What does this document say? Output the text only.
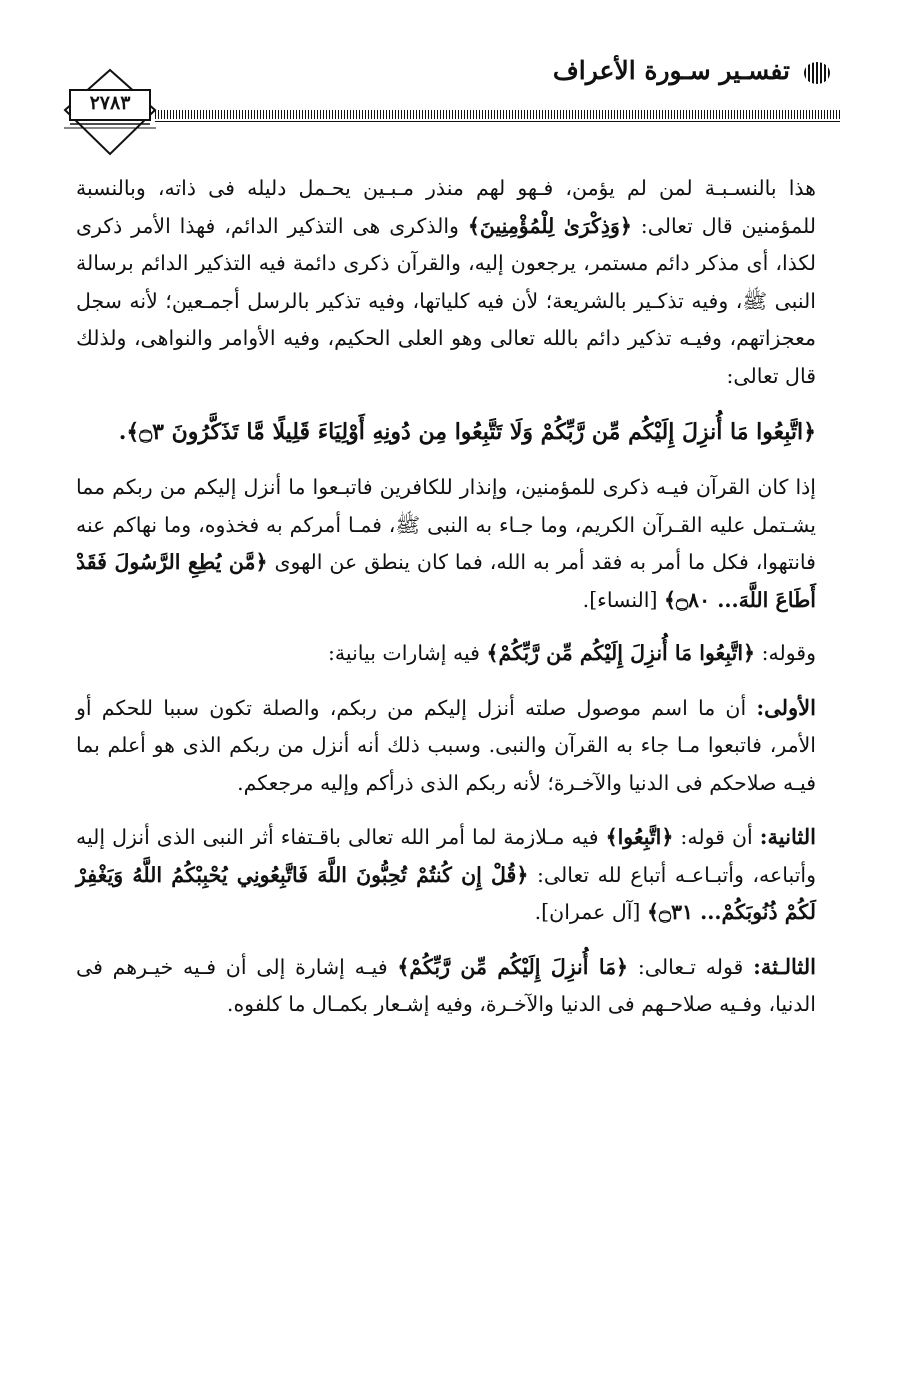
تفسـير سـورة الأعراف
٢٧٨٣

هذا بالنسـبـة لمن لم يؤمن، فـهو لهم منذر مـبـين يحـمل دليله فى ذاته، وبالنسبة للمؤمنين قال تعالى: ﴿وَذِكْرَىٰ لِلْمُؤْمِنِينَ﴾ والذكرى هى التذكير الدائم، فهذا الأمر ذكرى لكذا، أى مذكر دائم مستمر، يرجعون إليه، والقرآن ذكرى دائمة فيه التذكير الدائم برسالة النبى ﷺ، وفيه تذكـير بالشريعة؛ لأن فيه كلياتها، وفيه تذكير بالرسل أجمـعين؛ لأنه سجل معجزاتهم، وفيـه تذكير دائم بالله تعالى وهو العلى الحكيم، وفيه الأوامر والنواهى، ولذلك قال تعالى:

﴿اتَّبِعُوا مَا أُنزِلَ إِلَيْكُم مِّن رَّبِّكُمْ وَلَا تَتَّبِعُوا مِن دُونِهِ أَوْلِيَاءَ قَلِيلًا مَّا تَذَكَّرُونَ ۝٣﴾.

إذا كان القرآن فيـه ذكرى للمؤمنين، وإنذار للكافرين فاتبـعوا ما أنزل إليكم من ربكم مما يشـتمل عليه القـرآن الكريم، وما جـاء به النبى ﷺ، فمـا أمركم به فخذوه، وما نهاكم عنه فانتهوا، فكل ما أمر به فقد أمر به الله، فما كان ينطق عن الهوى ﴿مَّن يُطِعِ الرَّسُولَ فَقَدْ أَطَاعَ اللَّهَ... ۝٨٠﴾ [النساء].

وقوله: ﴿اتَّبِعُوا مَا أُنزِلَ إِلَيْكُم مِّن رَّبِّكُمْ﴾ فيه إشارات بيانية:

الأولى: أن ما اسم موصول صلته أنزل إليكم من ربكم، والصلة تكون سببا للحكم أو الأمر، فاتبعوا مـا جاء به القرآن والنبى. وسبب ذلك أنه أنزل من ربكم الذى هو أعلم بما فيـه صلاحكم فى الدنيا والآخـرة؛ لأنه ربكم الذى ذرأكم وإليه مرجعكم.

الثانية: أن قوله: ﴿اتَّبِعُوا﴾ فيه مـلازمة لما أمر الله تعالى باقـتفاء أثر النبى الذى أنزل إليه وأتباعه، وأتبـاعـه أتباع لله تعالى: ﴿قُلْ إِن كُنتُمْ تُحِبُّونَ اللَّهَ فَاتَّبِعُونِي يُحْبِبْكُمُ اللَّهُ وَيَغْفِرْ لَكُمْ ذُنُوبَكُمْ... ۝٣١﴾ [آل عمران].

الثالـثة: قوله تـعالى: ﴿مَا أُنزِلَ إِلَيْكُم مِّن رَّبِّكُمْ﴾ فيـه إشارة إلى أن فـيه خيـرهم فى الدنيا، وفـيه صلاحـهم فى الدنيا والآخـرة، وفيه إشـعار بكمـال ما كلفوه.
